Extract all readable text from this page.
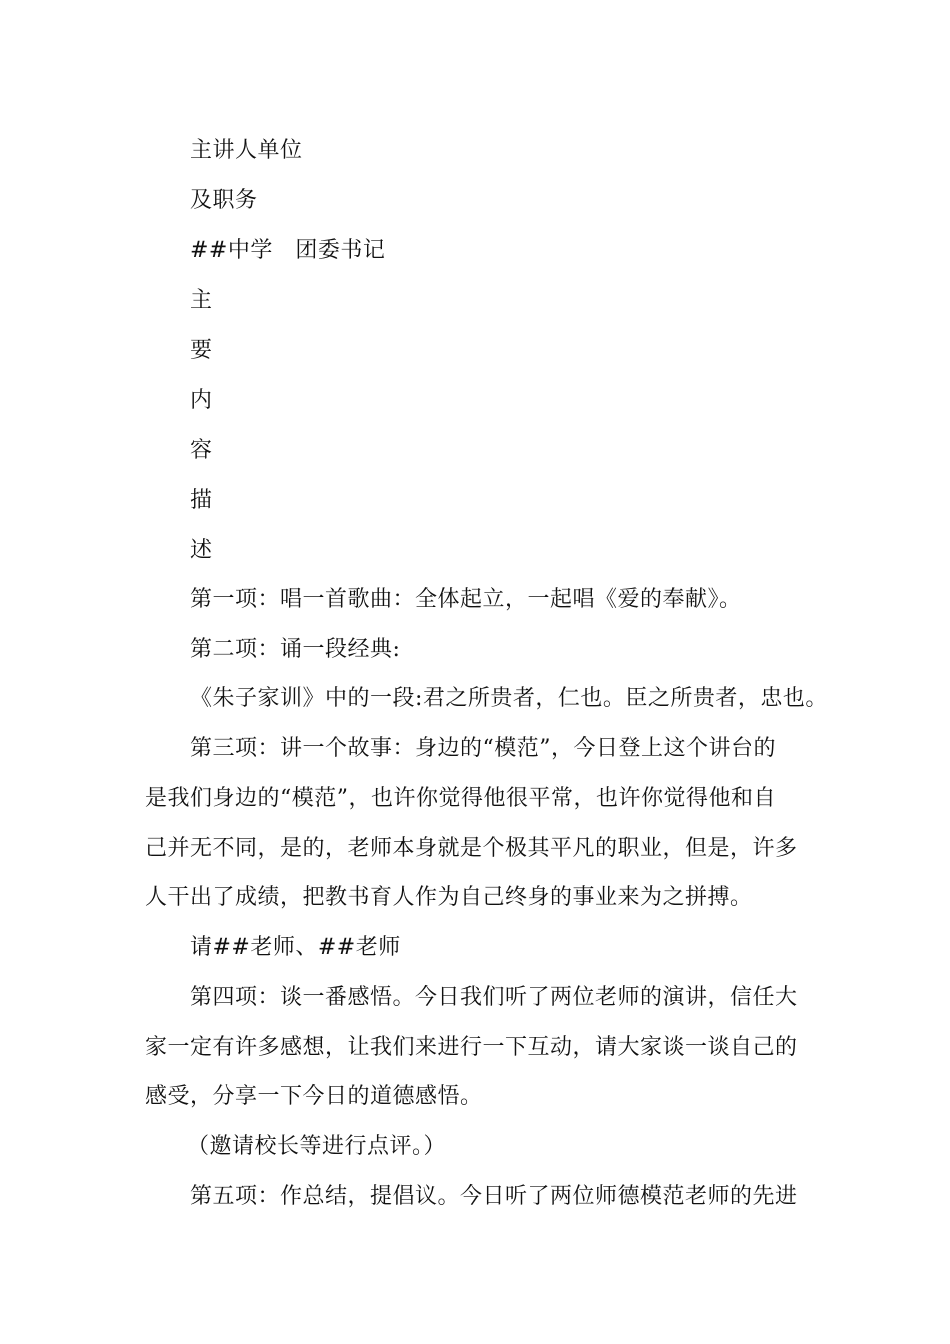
主讲人单位
及职务
##中学　团委书记
主
要
内
容
描
述
第一项：唱一首歌曲：全体起立，一起唱《爱的奉献》。
第二项：诵一段经典:
《朱子家训》中的一段:君之所贵者，仁也。臣之所贵者，忠也。
第三项：讲一个故事：身边的“模范”，今日登上这个讲台的
是我们身边的“模范”，也许你觉得他很平常，也许你觉得他和自
己并无不同，是的，老师本身就是个极其平凡的职业，但是，许多
人干出了成绩，把教书育人作为自己终身的事业来为之拼搏。
请##老师、##老师
第四项：谈一番感悟。今日我们听了两位老师的演讲，信任大
家一定有许多感想，让我们来进行一下互动，请大家谈一谈自己的
感受，分享一下今日的道德感悟。
（邀请校长等进行点评。）
第五项：作总结，提倡议。今日听了两位师德模范老师的先进
